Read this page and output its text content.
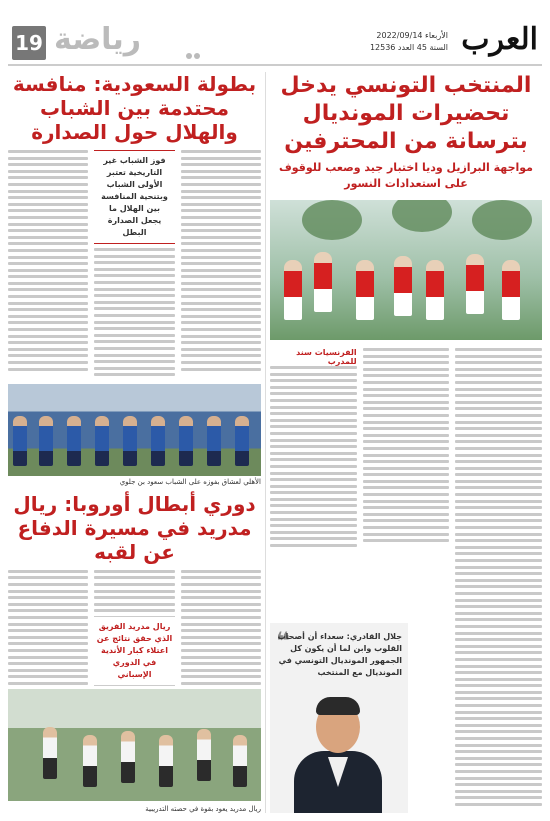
العرب
الأربعاء 2022/09/14
السنة 45 العدد 12536
19 رياضة
المنتخب التونسي يدخل تحضيرات المونديال بترسانة من المحترفين
مواجهة البرازيل وديا اختبار جيد وصعب للوقوف على استعدادات النسور
الفرنسيات سند للمدرب
❝
جلال القادري: سعداء أن أصحاب القلوب وابن لما أن يكون كل الجمهور المونديال التونسي في المونديال مع المنتخب
بطولة السعودية: منافسة محتدمة بين الشباب والهلال حول الصدارة
فوز الشباب غير التاريخية تعتبر الأولى الشباب وبتنحية المنافسة بين الهلال ما يجعل الصدارة البطل
الأهلي لعشاق بفوزه على الشباب سعود بن جلوي
دوري أبطال أوروبا: ريال مدريد في مسيرة الدفاع عن لقبه
ريال مدريد الفريق الذي حقق نتائج عن اعتلاء كبار الأندية في الدوري الإسباني
ريال مدريد يعود بقوة في حصته التدريبية
